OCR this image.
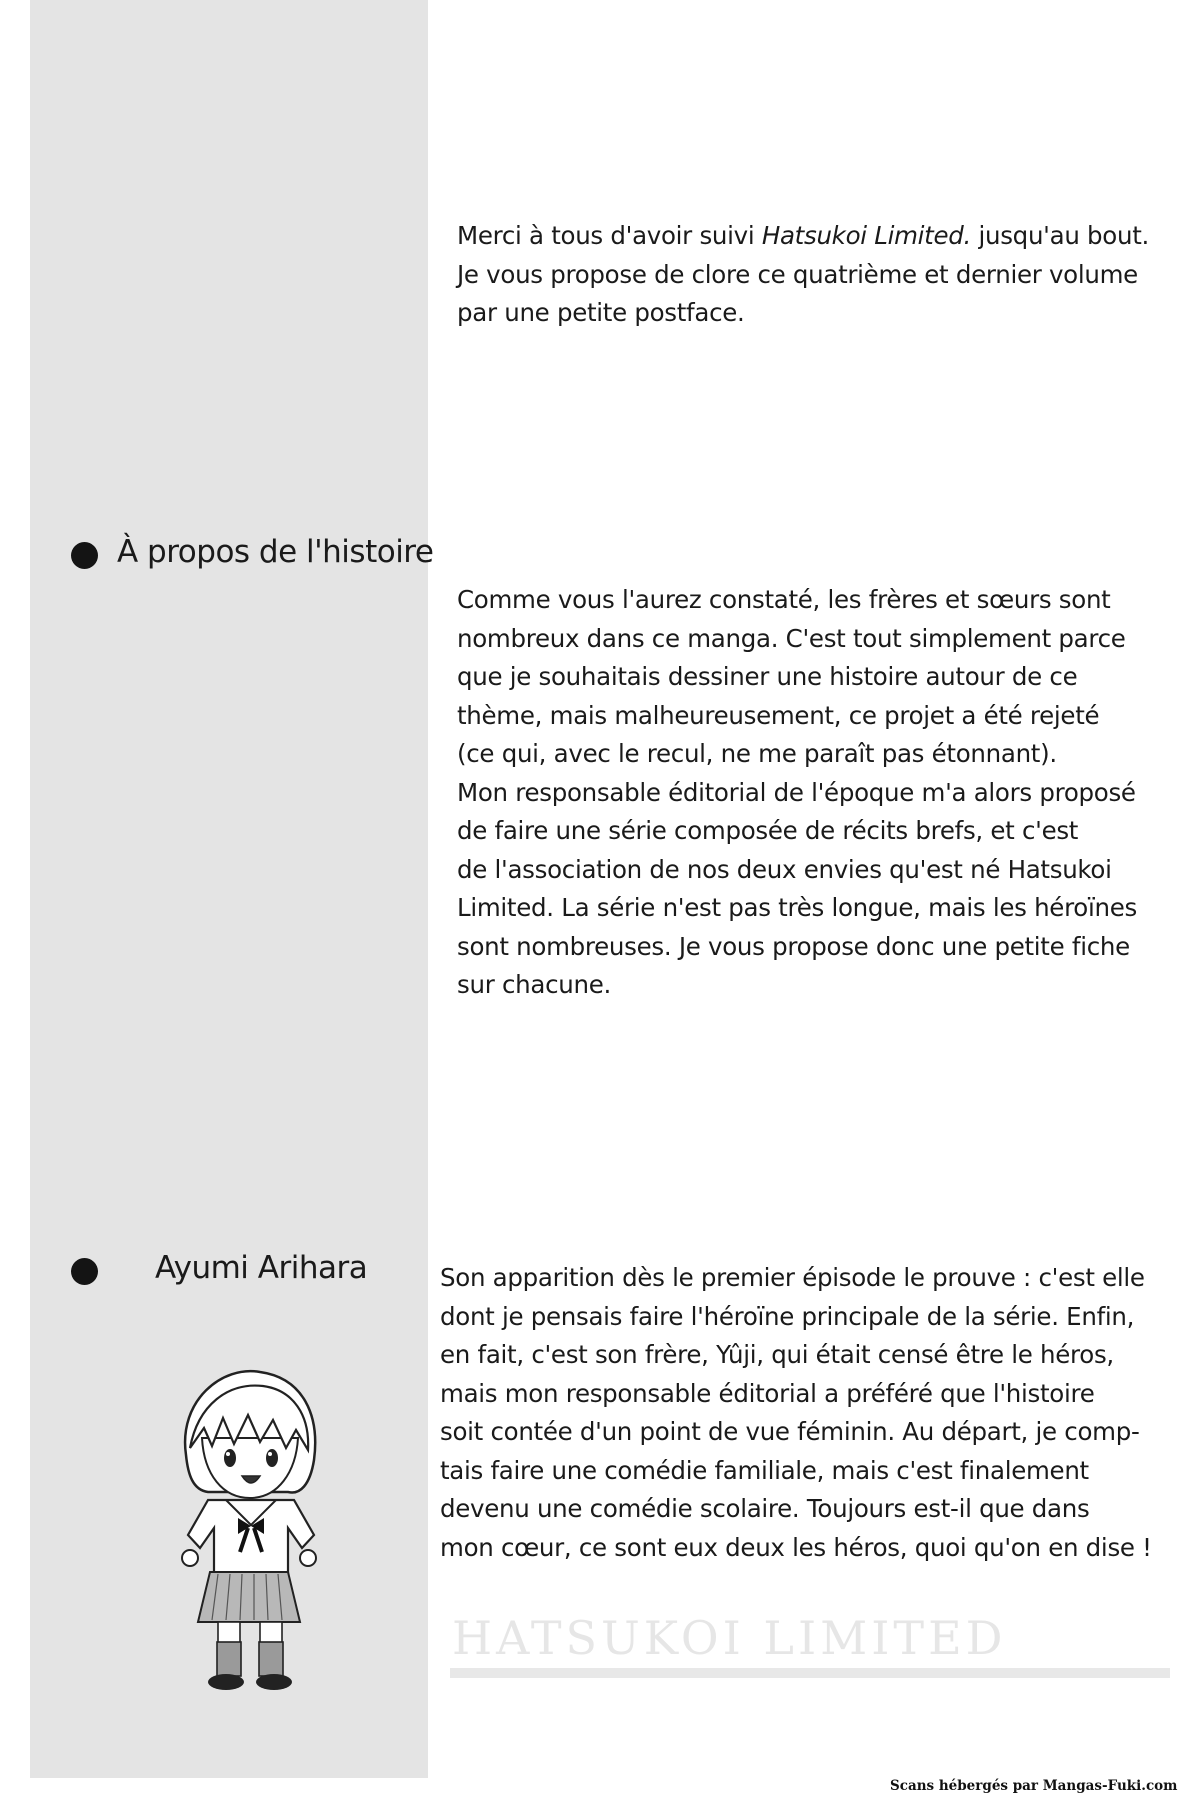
Merci à tous d'avoir suivi Hatsukoi Limited. jusqu'au bout.
Je vous propose de clore ce quatrième et dernier volume
par une petite postface.
À propos de l'histoire
Comme vous l'aurez constaté, les frères et sœurs sont
nombreux dans ce manga. C'est tout simplement parce
que je souhaitais dessiner une histoire autour de ce
thème, mais malheureusement, ce projet a été rejeté
(ce qui, avec le recul, ne me paraît pas étonnant).
Mon responsable éditorial de l'époque m'a alors proposé
de faire une série composée de récits brefs, et c'est
de l'association de nos deux envies qu'est né Hatsukoi
Limited. La série n'est pas très longue, mais les héroïnes
sont nombreuses. Je vous propose donc une petite fiche
sur chacune.
Ayumi Arihara	Son apparition dès le premier épisode le prouve : c'est elle
dont je pensais faire l'héroïne principale de la série. Enfin,
en fait, c'est son frère, Yûji, qui était censé être le héros,
mais mon responsable éditorial a préféré que l'histoire
soit contée d'un point de vue féminin. Au départ, je comp-
tais faire une comédie familiale, mais c'est finalement
devenu une comédie scolaire. Toujours est-il que dans
mon cœur, ce sont eux deux les héros, quoi qu'on en dise !
HATSUKOI LIMITED
Scans hébergés par Mangas-Fuki.com
